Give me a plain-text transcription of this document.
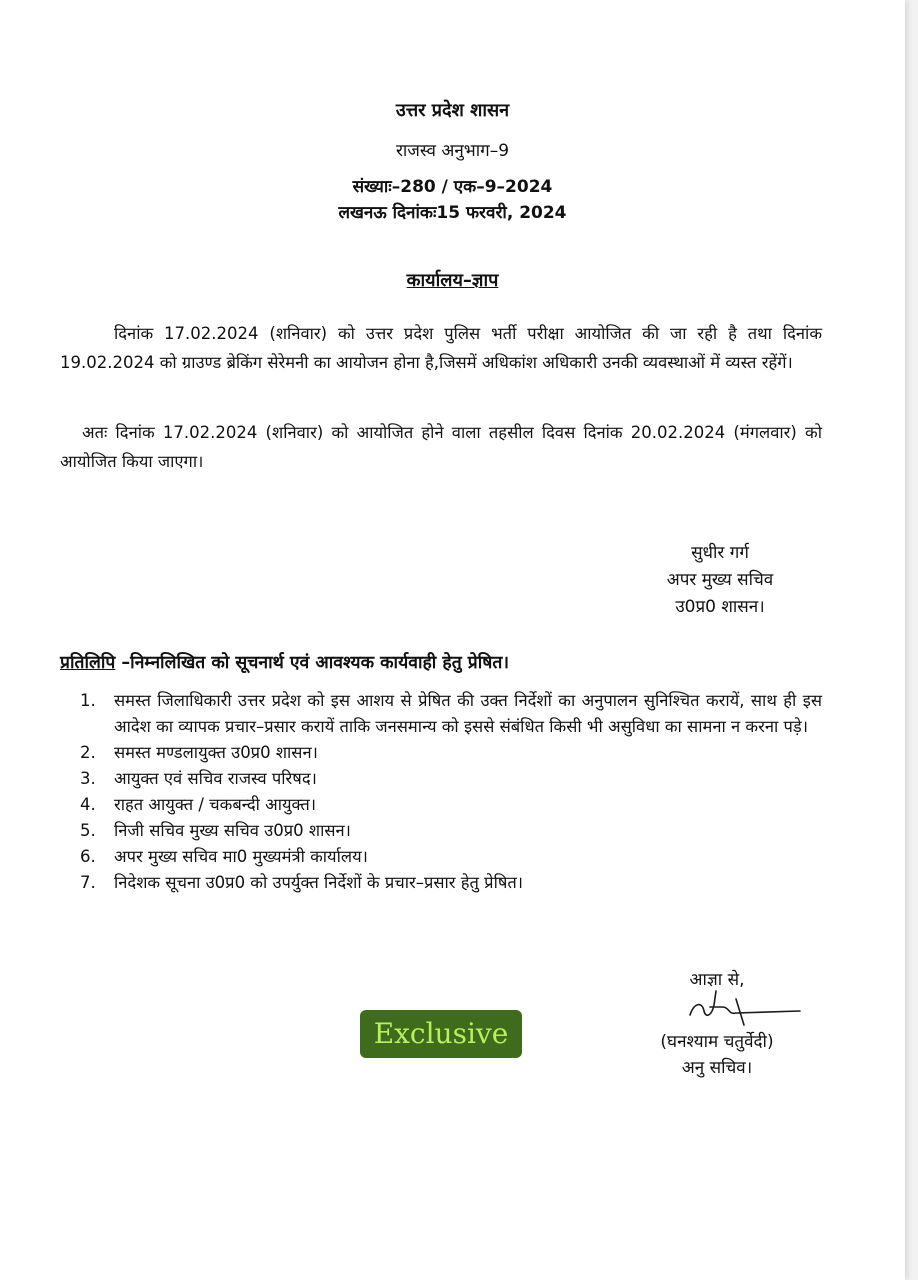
उत्तर प्रदेश शासन
राजस्व अनुभाग–9
संख्याः–280 / एक–9–2024
लखनऊ दिनांकः15 फरवरी, 2024
कार्यालय–ज्ञाप
दिनांक 17.02.2024 (शनिवार) को उत्तर प्रदेश पुलिस भर्ती परीक्षा आयोजित की जा रही है तथा दिनांक 19.02.2024 को ग्राउण्ड ब्रेकिंग सेरेमनी का आयोजन होना है,जिसमें अधिकांश अधिकारी उनकी व्यवस्थाओं में व्यस्त रहेंगें।
अतः दिनांक 17.02.2024 (शनिवार) को आयोजित होने वाला तहसील दिवस दिनांक 20.02.2024 (मंगलवार) को आयोजित किया जाएगा।
सुधीर गर्ग
अपर मुख्य सचिव
उ0प्र0 शासन।
प्रतिलिपि –निम्नलिखित को सूचनार्थ एवं आवश्यक कार्यवाही हेतु प्रेषित।
1. समस्त जिलाधिकारी उत्तर प्रदेश को इस आशय से प्रेषित की उक्त निर्देशों का अनुपालन सुनिश्चित करायें, साथ ही इस आदेश का व्यापक प्रचार–प्रसार करायें ताकि जनसमान्य को इससे संबंधित किसी भी असुविधा का सामना न करना पड़े।
2. समस्त मण्डलायुक्त उ0प्र0 शासन।
3. आयुक्त एवं सचिव राजस्व परिषद।
4. राहत आयुक्त / चकबन्दी आयुक्त।
5. निजी सचिव मुख्य सचिव उ0प्र0 शासन।
6. अपर मुख्य सचिव मा0 मुख्यमंत्री कार्यालय।
7. निदेशक सूचना उ0प्र0 को उपर्युक्त निर्देशों के प्रचार–प्रसार हेतु प्रेषित।
आज्ञा से,
(घनश्याम चतुर्वेदी)
अनु सचिव।
Exclusive
